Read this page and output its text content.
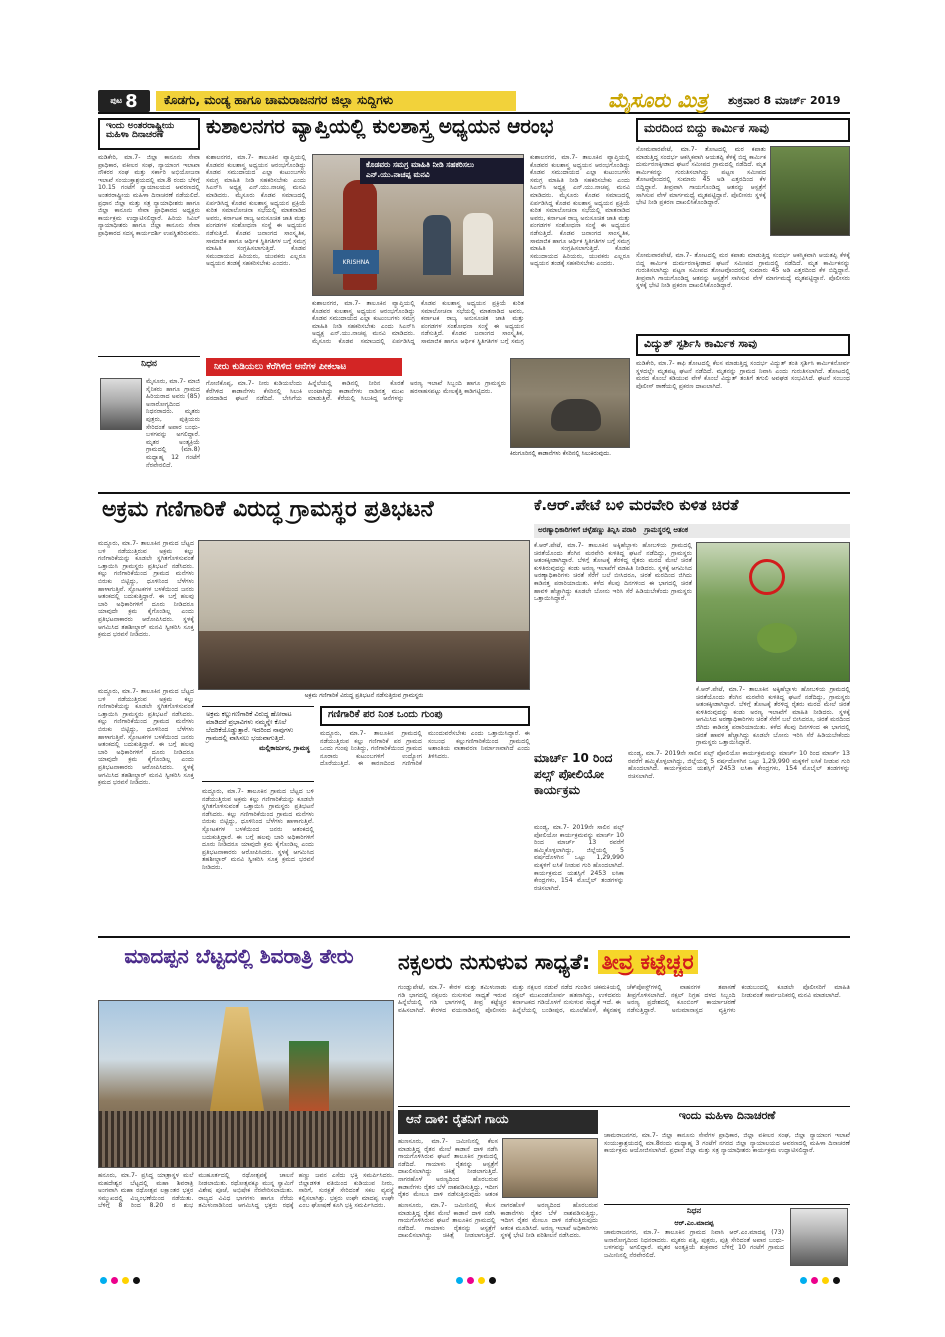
ಪುಟ 8	ಕೊಡಗು, ಮಂಡ್ಯ ಹಾಗೂ ಚಾಮರಾಜನಗರ ಜಿಲ್ಲಾ ಸುದ್ದಿಗಳು	ಮೈಸೂರು ಮಿತ್ರ ಶುಕ್ರವಾರ 8 ಮಾರ್ಚ್ 2019
ಇಂದು ಅಂತರರಾಷ್ಟ್ರೀಯ ಮಹಿಳಾ ದಿನಾಚರಣೆ
ಮಡಿಕೇರಿ, ಮಾ.7- ಜಿಲ್ಲಾ ಕಾನೂನು ಸೇವಾ ಪ್ರಾಧಿಕಾರ, ವಕೀಲರ ಸಂಘ, ನ್ಯಾಯಾಂಗ ಇಲಾಖಾ ನೌಕರರ ಸಂಘ ಮತ್ತು ಸರ್ಕಾರಿ ಅಭಿಯೋಜನಾ ಇಲಾಖೆ ಸಂಯುಕ್ತಾಶ್ರಯದಲ್ಲಿ ಮಾ.8 ರಂದು ಬೆಳಿಗ್ಗೆ 10.15 ಗಂಟೆಗೆ ನ್ಯಾಯಾಲಯದ ಆವರಣದಲ್ಲಿ ಅಂತರರಾಷ್ಟ್ರೀಯ ಮಹಿಳಾ ದಿನಾಚರಣೆ ನಡೆಯಲಿದೆ. ಪ್ರಧಾನ ಜಿಲ್ಲಾ ಮತ್ತು ಸತ್ರ ನ್ಯಾಯಾಧೀಶರು ಹಾಗೂ ಜಿಲ್ಲಾ ಕಾನೂನು ಸೇವಾ ಪ್ರಾಧಿಕಾರದ ಅಧ್ಯಕ್ಷರು ಕಾರ್ಯಕ್ರಮ ಉದ್ಘಾಟಿಸಲಿದ್ದಾರೆ. ಹಿರಿಯ ಸಿವಿಲ್ ನ್ಯಾಯಾಧೀಶರು ಹಾಗೂ ಜಿಲ್ಲಾ ಕಾನೂನು ಸೇವಾ ಪ್ರಾಧಿಕಾರದ ಸದಸ್ಯ ಕಾರ್ಯದರ್ಶಿ ಉಪಸ್ಥಿತರಿರುವರು.
ಕುಶಾಲನಗರ ವ್ಯಾಪ್ತಿಯಲ್ಲಿ ಕುಲಶಾಸ್ತ್ರ ಅಧ್ಯಯನ ಆರಂಭ
ಕುಶಾಲನಗರ, ಮಾ.7- ತಾಲೂಕಿನ ವ್ಯಾಪ್ತಿಯಲ್ಲಿ ಕೊಡವರ ಕುಲಶಾಸ್ತ್ರ ಅಧ್ಯಯನ ಆರಂಭಗೊಂಡಿದ್ದು ಕೊಡವ ಸಮುದಾಯದ ಎಲ್ಲಾ ಕುಟುಂಬಗಳು ಸಮಗ್ರ ಮಾಹಿತಿ ನೀಡಿ ಸಹಕರಿಸಬೇಕು ಎಂದು ಸಿಎನ್‌ಸಿ ಅಧ್ಯಕ್ಷ ಎನ್.ಯು.ನಾಚಪ್ಪ ಮನವಿ ಮಾಡಿದರು. ಮೈಸೂರು ಕೊಡವ ಸಮಾಜದಲ್ಲಿ ಏರ್ಪಡಿಸಿದ್ದ ಕೊಡವ ಕುಲಶಾಸ್ತ್ರ ಅಧ್ಯಯನ ಪ್ರಕ್ರಿಯೆ ಕುರಿತ ಸಮಾಲೋಚನಾ ಸಭೆಯಲ್ಲಿ ಮಾತನಾಡಿದ ಅವರು, ಕರ್ನಾಟಕ ರಾಜ್ಯ ಅನುಸೂಚಿತ ಜಾತಿ ಮತ್ತು ಪಂಗಡಗಳ ಸಂಶೋಧನಾ ಸಂಸ್ಥೆ ಈ ಅಧ್ಯಯನ ನಡೆಸುತ್ತಿದೆ. ಕೊಡವ ಜನಾಂಗದ ಸಾಂಸ್ಕೃತಿಕ, ಸಾಮಾಜಿಕ ಹಾಗೂ ಆರ್ಥಿಕ ಸ್ಥಿತಿಗತಿಗಳ ಬಗ್ಗೆ ಸಮಗ್ರ ಮಾಹಿತಿ ಸಂಗ್ರಹಿಸಲಾಗುತ್ತಿದೆ. ಕೊಡವ ಸಮುದಾಯದ ಹಿರಿಯರು, ಯುವಕರು ಎಲ್ಲರೂ ಅಧ್ಯಯನ ತಂಡಕ್ಕೆ ಸಹಕರಿಸಬೇಕು ಎಂದರು.	KRISHNA
ಕೊಡವರು ಸಮಗ್ರ ಮಾಹಿತಿ ನೀಡಿ ಸಹಕರಿಸಲು ಎನ್.ಯು.ನಾಚಪ್ಪ ಮನವಿ
ಕುಶಾಲನಗರ, ಮಾ.7- ತಾಲೂಕಿನ ವ್ಯಾಪ್ತಿಯಲ್ಲಿ ಕೊಡವರ ಕುಲಶಾಸ್ತ್ರ ಅಧ್ಯಯನ ಆರಂಭಗೊಂಡಿದ್ದು ಕೊಡವ ಸಮುದಾಯದ ಎಲ್ಲಾ ಕುಟುಂಬಗಳು ಸಮಗ್ರ ಮಾಹಿತಿ ನೀಡಿ ಸಹಕರಿಸಬೇಕು ಎಂದು ಸಿಎನ್‌ಸಿ ಅಧ್ಯಕ್ಷ ಎನ್.ಯು.ನಾಚಪ್ಪ ಮನವಿ ಮಾಡಿದರು. ಮೈಸೂರು ಕೊಡವ ಸಮಾಜದಲ್ಲಿ ಏರ್ಪಡಿಸಿದ್ದ ಕೊಡವ ಕುಲಶಾಸ್ತ್ರ ಅಧ್ಯಯನ ಪ್ರಕ್ರಿಯೆ ಕುರಿತ ಸಮಾಲೋಚನಾ ಸಭೆಯಲ್ಲಿ ಮಾತನಾಡಿದ ಅವರು, ಕರ್ನಾಟಕ ರಾಜ್ಯ ಅನುಸೂಚಿತ ಜಾತಿ ಮತ್ತು ಪಂಗಡಗಳ ಸಂಶೋಧನಾ ಸಂಸ್ಥೆ ಈ ಅಧ್ಯಯನ ನಡೆಸುತ್ತಿದೆ. ಕೊಡವ ಜನಾಂಗದ ಸಾಂಸ್ಕೃತಿಕ, ಸಾಮಾಜಿಕ ಹಾಗೂ ಆರ್ಥಿಕ ಸ್ಥಿತಿಗತಿಗಳ ಬಗ್ಗೆ ಸಮಗ್ರ
ಕುಶಾಲನಗರ, ಮಾ.7- ತಾಲೂಕಿನ ವ್ಯಾಪ್ತಿಯಲ್ಲಿ ಕೊಡವರ ಕುಲಶಾಸ್ತ್ರ ಅಧ್ಯಯನ ಆರಂಭಗೊಂಡಿದ್ದು ಕೊಡವ ಸಮುದಾಯದ ಎಲ್ಲಾ ಕುಟುಂಬಗಳು ಸಮಗ್ರ ಮಾಹಿತಿ ನೀಡಿ ಸಹಕರಿಸಬೇಕು ಎಂದು ಸಿಎನ್‌ಸಿ ಅಧ್ಯಕ್ಷ ಎನ್.ಯು.ನಾಚಪ್ಪ ಮನವಿ ಮಾಡಿದರು. ಮೈಸೂರು ಕೊಡವ ಸಮಾಜದಲ್ಲಿ ಏರ್ಪಡಿಸಿದ್ದ ಕೊಡವ ಕುಲಶಾಸ್ತ್ರ ಅಧ್ಯಯನ ಪ್ರಕ್ರಿಯೆ ಕುರಿತ ಸಮಾಲೋಚನಾ ಸಭೆಯಲ್ಲಿ ಮಾತನಾಡಿದ ಅವರು, ಕರ್ನಾಟಕ ರಾಜ್ಯ ಅನುಸೂಚಿತ ಜಾತಿ ಮತ್ತು ಪಂಗಡಗಳ ಸಂಶೋಧನಾ ಸಂಸ್ಥೆ ಈ ಅಧ್ಯಯನ ನಡೆಸುತ್ತಿದೆ. ಕೊಡವ ಜನಾಂಗದ ಸಾಂಸ್ಕೃತಿಕ, ಸಾಮಾಜಿಕ ಹಾಗೂ ಆರ್ಥಿಕ ಸ್ಥಿತಿಗತಿಗಳ ಬಗ್ಗೆ ಸಮಗ್ರ ಮಾಹಿತಿ ಸಂಗ್ರಹಿಸಲಾಗುತ್ತಿದೆ. ಕೊಡವ ಸಮುದಾಯದ ಹಿರಿಯರು, ಯುವಕರು ಎಲ್ಲರೂ ಅಧ್ಯಯನ ತಂಡಕ್ಕೆ ಸಹಕರಿಸಬೇಕು ಎಂದರು.
ಮರದಿಂದ ಬಿದ್ದು ಕಾರ್ಮಿಕ ಸಾವು
ಸೋಮವಾರಪೇಟೆ, ಮಾ.7- ತೋಟದಲ್ಲಿ ಮರ ಕಪಾತು ಮಾಡುತ್ತಿದ್ದ ಸಂದರ್ಭ ಆಕಸ್ಮಿಕವಾಗಿ ಆಯತಪ್ಪಿ ಕೆಳಕ್ಕೆ ಬಿದ್ದ ಕಾರ್ಮಿಕ ದುರ್ಮರಣಕ್ಕೀಡಾದ ಘಟನೆ ಸಮೀಪದ ಗ್ರಾಮದಲ್ಲಿ ನಡೆದಿದೆ. ಮೃತ ಕಾರ್ಮಿಕನನ್ನು ಗುರುತಿಸಲಾಗಿದ್ದು ಪಟ್ಟಣ ಸಮೀಪದ ತೋಟವೊಂದರಲ್ಲಿ ಸುಮಾರು 45 ಅಡಿ ಎತ್ತರದಿಂದ ಕೆಳ ಬಿದ್ದಿದ್ದಾನೆ. ತೀವ್ರವಾಗಿ ಗಾಯಗೊಂಡಿದ್ದ ಆತನನ್ನು ಆಸ್ಪತ್ರೆಗೆ ಸಾಗಿಸುವ ವೇಳೆ ಮಾರ್ಗಮಧ್ಯೆ ಮೃತಪಟ್ಟಿದ್ದಾನೆ. ಪೊಲೀಸರು ಸ್ಥಳಕ್ಕೆ ಭೇಟಿ ನೀಡಿ ಪ್ರಕರಣ ದಾಖಲಿಸಿಕೊಂಡಿದ್ದಾರೆ.
ಸೋಮವಾರಪೇಟೆ, ಮಾ.7- ತೋಟದಲ್ಲಿ ಮರ ಕಪಾತು ಮಾಡುತ್ತಿದ್ದ ಸಂದರ್ಭ ಆಕಸ್ಮಿಕವಾಗಿ ಆಯತಪ್ಪಿ ಕೆಳಕ್ಕೆ ಬಿದ್ದ ಕಾರ್ಮಿಕ ದುರ್ಮರಣಕ್ಕೀಡಾದ ಘಟನೆ ಸಮೀಪದ ಗ್ರಾಮದಲ್ಲಿ ನಡೆದಿದೆ. ಮೃತ ಕಾರ್ಮಿಕನನ್ನು ಗುರುತಿಸಲಾಗಿದ್ದು ಪಟ್ಟಣ ಸಮೀಪದ ತೋಟವೊಂದರಲ್ಲಿ ಸುಮಾರು 45 ಅಡಿ ಎತ್ತರದಿಂದ ಕೆಳ ಬಿದ್ದಿದ್ದಾನೆ. ತೀವ್ರವಾಗಿ ಗಾಯಗೊಂಡಿದ್ದ ಆತನನ್ನು ಆಸ್ಪತ್ರೆಗೆ ಸಾಗಿಸುವ ವೇಳೆ ಮಾರ್ಗಮಧ್ಯೆ ಮೃತಪಟ್ಟಿದ್ದಾನೆ. ಪೊಲೀಸರು ಸ್ಥಳಕ್ಕೆ ಭೇಟಿ ನೀಡಿ ಪ್ರಕರಣ ದಾಖಲಿಸಿಕೊಂಡಿದ್ದಾರೆ.
ವಿದ್ಯುತ್ ಸ್ಪರ್ಶಿಸಿ ಕಾರ್ಮಿಕ ಸಾವು
ಮಡಿಕೇರಿ, ಮಾ.7- ಕಾಫಿ ತೋಟದಲ್ಲಿ ಕೆಲಸ ಮಾಡುತ್ತಿದ್ದ ಸಂದರ್ಭ ವಿದ್ಯುತ್ ತಂತಿ ಸ್ಪರ್ಶಿಸಿ ಕಾರ್ಮಿಕನೋರ್ವ ಸ್ಥಳದಲ್ಲೇ ಮೃತಪಟ್ಟ ಘಟನೆ ನಡೆದಿದೆ. ಮೃತನನ್ನು ಗ್ರಾಮದ ನಿವಾಸಿ ಎಂದು ಗುರುತಿಸಲಾಗಿದೆ. ತೋಟದಲ್ಲಿ ಮರದ ಕೊಂಬೆ ಕಡಿಯುವ ವೇಳೆ ಕೊಂಬೆ ವಿದ್ಯುತ್ ತಂತಿಗೆ ತಗುಲಿ ಅವಘಡ ಸಂಭವಿಸಿದೆ. ಘಟನೆ ಸಂಬಂಧ ಪೊಲೀಸ್ ಠಾಣೆಯಲ್ಲಿ ಪ್ರಕರಣ ದಾಖಲಾಗಿದೆ.
ನಿಧನ
ಮೈಸೂರು, ಮಾ.7- ಮಾಜಿ ಸೈನಿಕರು ಹಾಗೂ ಗ್ರಾಮದ ಹಿರಿಯರಾದ ಅವರು (85) ಅನಾರೋಗ್ಯದಿಂದ ನಿಧನರಾದರು. ಮೃತರು ಪುತ್ರರು, ಪುತ್ರಿಯರು ಸೇರಿದಂತೆ ಅಪಾರ ಬಂಧು-ಬಳಗವನ್ನು ಅಗಲಿದ್ದಾರೆ. ಮೃತರ ಅಂತ್ಯಕ್ರಿಯೆ ಗ್ರಾಮದಲ್ಲಿ (ಮಾ.8) ಮಧ್ಯಾಹ್ನ 12 ಗಂಟೆಗೆ ನೆರವೇರಲಿದೆ.
ನೀರು ಕುಡಿಯಲು ಕೆರೆಗಿಳಿದ ಆನೆಗಳ ಪೀಕಲಾಟ
ಗೋಣಿಕೊಪ್ಪ, ಮಾ.7- ನೀರು ಕುಡಿಯಲೆಂದು ಕೆರೆಗಿಳಿದ ಕಾಡಾನೆಗಳು ಕೆಸರಿನಲ್ಲಿ ಸಿಲುಕಿ ಪರದಾಡಿದ ಘಟನೆ ನಡೆದಿದೆ. ಬೇಸಿಗೆಯ ಹಿನ್ನೆಲೆಯಲ್ಲಿ ಕಾಡಿನಲ್ಲಿ ನೀರಿನ ಕೊರತೆ ಉಂಟಾಗಿದ್ದು ಕಾಡಾನೆಗಳು ನಾಡಿನತ್ತ ಮುಖ ಮಾಡುತ್ತಿವೆ. ಕೆರೆಯಲ್ಲಿ ಸಿಲುಕಿದ್ದ ಆನೆಗಳನ್ನು ಅರಣ್ಯ ಇಲಾಖೆ ಸಿಬ್ಬಂದಿ ಹಾಗೂ ಗ್ರಾಮಸ್ಥರು ಹರಸಾಹಸಪಟ್ಟು ಮೇಲಕ್ಕೆತ್ತಿ ಕಾಡಿಗಟ್ಟಿದರು.
ಕಿರುಗೂರಿನಲ್ಲಿ ಕಾಡಾನೆಗಳು ಕೆಸರಿನಲ್ಲಿ ಸಿಲುಕಿರುವುದು.
ಅಕ್ರಮ ಗಣಿಗಾರಿಕೆ ವಿರುದ್ಧ ಗ್ರಾಮಸ್ಥರ ಪ್ರತಿಭಟನೆ
ಮದ್ದೂರು, ಮಾ.7- ತಾಲೂಕಿನ ಗ್ರಾಮದ ಬೆಟ್ಟದ ಬಳಿ ನಡೆಯುತ್ತಿರುವ ಅಕ್ರಮ ಕಲ್ಲು ಗಣಿಗಾರಿಕೆಯನ್ನು ಕೂಡಲೇ ಸ್ಥಗಿತಗೊಳಿಸುವಂತೆ ಒತ್ತಾಯಿಸಿ ಗ್ರಾಮಸ್ಥರು ಪ್ರತಿಭಟನೆ ನಡೆಸಿದರು. ಕಲ್ಲು ಗಣಿಗಾರಿಕೆಯಿಂದ ಗ್ರಾಮದ ಮನೆಗಳು ಬಿರುಕು ಬಿಟ್ಟಿದ್ದು, ಧೂಳಿನಿಂದ ಬೆಳೆಗಳು ಹಾಳಾಗುತ್ತಿವೆ. ಸ್ಫೋಟಕಗಳ ಬಳಕೆಯಿಂದ ಜನರು ಆತಂಕದಲ್ಲಿ ಬದುಕುತ್ತಿದ್ದಾರೆ. ಈ ಬಗ್ಗೆ ಹಲವು ಬಾರಿ ಅಧಿಕಾರಿಗಳಿಗೆ ದೂರು ನೀಡಿದರೂ ಯಾವುದೇ ಕ್ರಮ ಕೈಗೊಂಡಿಲ್ಲ ಎಂದು ಪ್ರತಿಭಟನಾಕಾರರು ಆರೋಪಿಸಿದರು. ಸ್ಥಳಕ್ಕೆ ಆಗಮಿಸಿದ ತಹಶೀಲ್ದಾರ್ ಮನವಿ ಸ್ವೀಕರಿಸಿ ಸೂಕ್ತ ಕ್ರಮದ ಭರವಸೆ ನೀಡಿದರು.
ಅಕ್ರಮ ಗಣಿಗಾರಿಕೆ ವಿರುದ್ಧ ಪ್ರತಿಭಟನೆ ನಡೆಸುತ್ತಿರುವ ಗ್ರಾಮಸ್ಥರು
ಮದ್ದೂರು, ಮಾ.7- ತಾಲೂಕಿನ ಗ್ರಾಮದ ಬೆಟ್ಟದ ಬಳಿ ನಡೆಯುತ್ತಿರುವ ಅಕ್ರಮ ಕಲ್ಲು ಗಣಿಗಾರಿಕೆಯನ್ನು ಕೂಡಲೇ ಸ್ಥಗಿತಗೊಳಿಸುವಂತೆ ಒತ್ತಾಯಿಸಿ ಗ್ರಾಮಸ್ಥರು ಪ್ರತಿಭಟನೆ ನಡೆಸಿದರು. ಕಲ್ಲು ಗಣಿಗಾರಿಕೆಯಿಂದ ಗ್ರಾಮದ ಮನೆಗಳು ಬಿರುಕು ಬಿಟ್ಟಿದ್ದು, ಧೂಳಿನಿಂದ ಬೆಳೆಗಳು ಹಾಳಾಗುತ್ತಿವೆ. ಸ್ಫೋಟಕಗಳ ಬಳಕೆಯಿಂದ ಜನರು ಆತಂಕದಲ್ಲಿ ಬದುಕುತ್ತಿದ್ದಾರೆ. ಈ ಬಗ್ಗೆ ಹಲವು ಬಾರಿ ಅಧಿಕಾರಿಗಳಿಗೆ ದೂರು ನೀಡಿದರೂ ಯಾವುದೇ ಕ್ರಮ ಕೈಗೊಂಡಿಲ್ಲ ಎಂದು ಪ್ರತಿಭಟನಾಕಾರರು ಆರೋಪಿಸಿದರು. ಸ್ಥಳಕ್ಕೆ ಆಗಮಿಸಿದ ತಹಶೀಲ್ದಾರ್ ಮನವಿ ಸ್ವೀಕರಿಸಿ ಸೂಕ್ತ ಕ್ರಮದ ಭರವಸೆ ನೀಡಿದರು.
ಅಕ್ರಮ ಕಲ್ಲುಗಣಿಗಾರಿಕೆ ವಿರುದ್ಧ ಹೋರಾಟ ಮಾಡಿದರೆ ಪ್ರಭಾವಿಗಳು ನಮ್ಮನ್ನೇ ಕೊಲೆ ಬೆದರಿಕೆಯೊಡ್ಡುತ್ತಾರೆ. ಇದರಿಂದ ನಾವುಗಳು ಗ್ರಾಮದಲ್ಲಿ ವಾಸಿಸಲು ಭಯವಾಗುತ್ತಿದೆ.
ಮಲ್ಲಿಕಾರ್ಜುನ, ಗ್ರಾಮಸ್ಥ
ಮದ್ದೂರು, ಮಾ.7- ತಾಲೂಕಿನ ಗ್ರಾಮದ ಬೆಟ್ಟದ ಬಳಿ ನಡೆಯುತ್ತಿರುವ ಅಕ್ರಮ ಕಲ್ಲು ಗಣಿಗಾರಿಕೆಯನ್ನು ಕೂಡಲೇ ಸ್ಥಗಿತಗೊಳಿಸುವಂತೆ ಒತ್ತಾಯಿಸಿ ಗ್ರಾಮಸ್ಥರು ಪ್ರತಿಭಟನೆ ನಡೆಸಿದರು. ಕಲ್ಲು ಗಣಿಗಾರಿಕೆಯಿಂದ ಗ್ರಾಮದ ಮನೆಗಳು ಬಿರುಕು ಬಿಟ್ಟಿದ್ದು, ಧೂಳಿನಿಂದ ಬೆಳೆಗಳು ಹಾಳಾಗುತ್ತಿವೆ. ಸ್ಫೋಟಕಗಳ ಬಳಕೆಯಿಂದ ಜನರು ಆತಂಕದಲ್ಲಿ ಬದುಕುತ್ತಿದ್ದಾರೆ. ಈ ಬಗ್ಗೆ ಹಲವು ಬಾರಿ ಅಧಿಕಾರಿಗಳಿಗೆ ದೂರು ನೀಡಿದರೂ ಯಾವುದೇ ಕ್ರಮ ಕೈಗೊಂಡಿಲ್ಲ ಎಂದು ಪ್ರತಿಭಟನಾಕಾರರು ಆರೋಪಿಸಿದರು. ಸ್ಥಳಕ್ಕೆ ಆಗಮಿಸಿದ ತಹಶೀಲ್ದಾರ್ ಮನವಿ ಸ್ವೀಕರಿಸಿ ಸೂಕ್ತ ಕ್ರಮದ ಭರವಸೆ ನೀಡಿದರು.
ಗಣಿಗಾರಿಕೆ ಪರ ನಿಂತ ಒಂದು ಗುಂಪು
ಮದ್ದೂರು, ಮಾ.7- ತಾಲೂಕಿನ ಗ್ರಾಮದಲ್ಲಿ ನಡೆಯುತ್ತಿರುವ ಕಲ್ಲು ಗಣಿಗಾರಿಕೆ ಪರ ಗ್ರಾಮದ ಒಂದು ಗುಂಪು ನಿಂತಿದ್ದು, ಗಣಿಗಾರಿಕೆಯಿಂದ ಗ್ರಾಮದ ನೂರಾರು ಕುಟುಂಬಗಳಿಗೆ ಉದ್ಯೋಗ ದೊರೆಯುತ್ತಿದೆ. ಈ ಕಾರಣದಿಂದ ಗಣಿಗಾರಿಕೆ ಮುಂದುವರೆಸಬೇಕು ಎಂದು ಒತ್ತಾಯಿಸಿದ್ದಾರೆ. ಈ ಸಂಬಂಧ ಕಲ್ಲುಗಣಿಗಾರಿಕೆಯಿಂದ ಗ್ರಾಮದಲ್ಲಿ ಅಶಾಂತಿಯ ವಾತಾವರಣ ನಿರ್ಮಾಣವಾಗಿದೆ ಎಂದು ತಿಳಿಸಿದರು.
ಕೆ.ಆರ್.ಪೇಟೆ ಬಳಿ ಮರವೇರಿ ಕುಳಿತ ಚಿರತೆ
ಅರಣ್ಯಾಧಿಕಾರಿಗಳಿಗೆ ಚಳ್ಳೆಹಣ್ಣು ತಿನ್ನಿಸಿ ಪರಾರಿ ಗ್ರಾಮಸ್ಥರಲ್ಲಿ ಆತಂಕ
ಕೆ.ಆರ್.ಪೇಟೆ, ಮಾ.7- ತಾಲೂಕಿನ ಅಕ್ಕಿಹೆಬ್ಬಾಳು ಹೋಬಳಿಯ ಗ್ರಾಮದಲ್ಲಿ ಚಿರತೆಯೊಂದು ತೆಂಗಿನ ಮರವೇರಿ ಕುಳಿತಿದ್ದ ಘಟನೆ ನಡೆದಿದ್ದು, ಗ್ರಾಮಸ್ಥರು ಆತಂಕಕ್ಕೀಡಾಗಿದ್ದಾರೆ. ಬೆಳಿಗ್ಗೆ ತೋಟಕ್ಕೆ ತೆರಳಿದ್ದ ರೈತರು ಮರದ ಮೇಲೆ ಚಿರತೆ ಕುಳಿತಿರುವುದನ್ನು ಕಂಡು ಅರಣ್ಯ ಇಲಾಖೆಗೆ ಮಾಹಿತಿ ನೀಡಿದರು. ಸ್ಥಳಕ್ಕೆ ಆಗಮಿಸಿದ ಅರಣ್ಯಾಧಿಕಾರಿಗಳು ಚಿರತೆ ಸೆರೆಗೆ ಬಲೆ ಬೀಸಿದರೂ, ಚಿರತೆ ಮರದಿಂದ ಜಿಗಿದು ಕಾಡಿನತ್ತ ಪರಾರಿಯಾಯಿತು. ಕಳೆದ ಕೆಲವು ದಿನಗಳಿಂದ ಈ ಭಾಗದಲ್ಲಿ ಚಿರತೆ ಹಾವಳಿ ಹೆಚ್ಚಾಗಿದ್ದು ಕೂಡಲೇ ಬೋನು ಇರಿಸಿ ಸೆರೆ ಹಿಡಿಯಬೇಕೆಂದು ಗ್ರಾಮಸ್ಥರು ಒತ್ತಾಯಿಸಿದ್ದಾರೆ.
ಕೆ.ಆರ್.ಪೇಟೆ, ಮಾ.7- ತಾಲೂಕಿನ ಅಕ್ಕಿಹೆಬ್ಬಾಳು ಹೋಬಳಿಯ ಗ್ರಾಮದಲ್ಲಿ ಚಿರತೆಯೊಂದು ತೆಂಗಿನ ಮರವೇರಿ ಕುಳಿತಿದ್ದ ಘಟನೆ ನಡೆದಿದ್ದು, ಗ್ರಾಮಸ್ಥರು ಆತಂಕಕ್ಕೀಡಾಗಿದ್ದಾರೆ. ಬೆಳಿಗ್ಗೆ ತೋಟಕ್ಕೆ ತೆರಳಿದ್ದ ರೈತರು ಮರದ ಮೇಲೆ ಚಿರತೆ ಕುಳಿತಿರುವುದನ್ನು ಕಂಡು ಅರಣ್ಯ ಇಲಾಖೆಗೆ ಮಾಹಿತಿ ನೀಡಿದರು. ಸ್ಥಳಕ್ಕೆ ಆಗಮಿಸಿದ ಅರಣ್ಯಾಧಿಕಾರಿಗಳು ಚಿರತೆ ಸೆರೆಗೆ ಬಲೆ ಬೀಸಿದರೂ, ಚಿರತೆ ಮರದಿಂದ ಜಿಗಿದು ಕಾಡಿನತ್ತ ಪರಾರಿಯಾಯಿತು. ಕಳೆದ ಕೆಲವು ದಿನಗಳಿಂದ ಈ ಭಾಗದಲ್ಲಿ ಚಿರತೆ ಹಾವಳಿ ಹೆಚ್ಚಾಗಿದ್ದು ಕೂಡಲೇ ಬೋನು ಇರಿಸಿ ಸೆರೆ ಹಿಡಿಯಬೇಕೆಂದು ಗ್ರಾಮಸ್ಥರು ಒತ್ತಾಯಿಸಿದ್ದಾರೆ.
ಮಾರ್ಚ್ 10 ರಿಂದ ಪಲ್ಸ್ ಪೋಲಿಯೋ ಕಾರ್ಯಕ್ರಮ
ಮಂಡ್ಯ, ಮಾ.7- 2019ನೇ ಸಾಲಿನ ಪಲ್ಸ್ ಪೋಲಿಯೋ ಕಾರ್ಯಕ್ರಮವನ್ನು ಮಾರ್ಚ್ 10 ರಿಂದ ಮಾರ್ಚ್ 13 ರವರೆಗೆ ಹಮ್ಮಿಕೊಳ್ಳಲಾಗಿದ್ದು, ಜಿಲ್ಲೆಯಲ್ಲಿ 5 ವರ್ಷದೊಳಗಿನ ಒಟ್ಟು 1,29,990 ಮಕ್ಕಳಿಗೆ ಲಸಿಕೆ ನೀಡುವ ಗುರಿ ಹೊಂದಲಾಗಿದೆ. ಕಾರ್ಯಕ್ರಮದ ಯಶಸ್ಸಿಗೆ 2453 ಲಸಿಕಾ ಕೇಂದ್ರಗಳು, 154 ಮೊಬೈಲ್ ತಂಡಗಳನ್ನು ರಚಿಸಲಾಗಿದೆ.
ಮಂಡ್ಯ, ಮಾ.7- 2019ನೇ ಸಾಲಿನ ಪಲ್ಸ್ ಪೋಲಿಯೋ ಕಾರ್ಯಕ್ರಮವನ್ನು ಮಾರ್ಚ್ 10 ರಿಂದ ಮಾರ್ಚ್ 13 ರವರೆಗೆ ಹಮ್ಮಿಕೊಳ್ಳಲಾಗಿದ್ದು, ಜಿಲ್ಲೆಯಲ್ಲಿ 5 ವರ್ಷದೊಳಗಿನ ಒಟ್ಟು 1,29,990 ಮಕ್ಕಳಿಗೆ ಲಸಿಕೆ ನೀಡುವ ಗುರಿ ಹೊಂದಲಾಗಿದೆ. ಕಾರ್ಯಕ್ರಮದ ಯಶಸ್ಸಿಗೆ 2453 ಲಸಿಕಾ ಕೇಂದ್ರಗಳು, 154 ಮೊಬೈಲ್ ತಂಡಗಳನ್ನು ರಚಿಸಲಾಗಿದೆ.
ಮಾದಪ್ಪನ ಬೆಟ್ಟದಲ್ಲಿ ಶಿವರಾತ್ರಿ ತೇರು
ಹನೂರು, ಮಾ.7- ಪ್ರಸಿದ್ಧ ಯಾತ್ರಾಸ್ಥಳ ಮಲೆ ಮಹದೇಶ್ವರ ಬೆಟ್ಟದಲ್ಲಿ ಮಹಾ ಶಿವರಾತ್ರಿ ಅಂಗವಾಗಿ ಮಹಾ ರಥೋತ್ಸವ ಲಕ್ಷಾಂತರ ಭಕ್ತರ ಸಮ್ಮುಖದಲ್ಲಿ ವಿಜೃಂಭಣೆಯಿಂದ ನಡೆಯಿತು. ಬೆಳಿಗ್ಗೆ 8 ರಿಂದ 8.20 ರ ಶುಭ ಮುಹೂರ್ತದಲ್ಲಿ ರಥೋತ್ಸವಕ್ಕೆ ಚಾಲನೆ ನೀಡಲಾಯಿತು. ರಥೋತ್ಸವಕ್ಕೂ ಮುನ್ನ ಸ್ವಾಮಿಗೆ ವಿಶೇಷ ಪೂಜೆ, ಅಭಿಷೇಕ ನೆರವೇರಿಸಲಾಯಿತು. ರಾಜ್ಯದ ವಿವಿಧ ಭಾಗಗಳು ಹಾಗೂ ನೆರೆಯ ತಮಿಳುನಾಡಿನಿಂದ ಆಗಮಿಸಿದ್ದ ಭಕ್ತರು ರಥಕ್ಕೆ ಹಣ್ಣು ಜವನ ಎಸೆದು ಭಕ್ತಿ ಸಮರ್ಪಿಸಿದರು. ಜಿಲ್ಲಾಡಳಿತ ವತಿಯಿಂದ ಕುಡಿಯುವ ನೀರು, ಸಾರಿಗೆ, ಸುರಕ್ಷತೆ ಸೇರಿದಂತೆ ಸಕಲ ವ್ಯವಸ್ಥೆ ಕಲ್ಪಿಸಲಾಗಿತ್ತು. ಭಕ್ತರು ಉಘೇ ಮಾದಪ್ಪ ಉಘೇ ಎಂಬ ಘೋಷಣೆ ಕೂಗಿ ಭಕ್ತಿ ಸಮರ್ಪಿಸಿದರು.
ನಕ್ಸಲರು ನುಸುಳುವ ಸಾಧ್ಯತೆ: ತೀವ್ರ ಕಟ್ಟೆಚ್ಚರ
ಗುಂಡ್ಲುಪೇಟೆ, ಮಾ.7- ಕೇರಳ ಮತ್ತು ತಮಿಳುನಾಡು ಗಡಿ ಭಾಗದಲ್ಲಿ ನಕ್ಸಲರು ನುಸುಳುವ ಸಾಧ್ಯತೆ ಇರುವ ಹಿನ್ನೆಲೆಯಲ್ಲಿ ಗಡಿ ಭಾಗಗಳಲ್ಲಿ ತೀವ್ರ ಕಟ್ಟೆಚ್ಚರ ವಹಿಸಲಾಗಿದೆ. ಕೇರಳದ ವಯನಾಡಿನಲ್ಲಿ ಪೊಲೀಸರು ಮತ್ತು ನಕ್ಸಲರ ನಡುವೆ ನಡೆದ ಗುಂಡಿನ ಚಕಮಕಿಯಲ್ಲಿ ನಕ್ಸಲ್ ಮುಖಂಡನೋರ್ವ ಹತನಾಗಿದ್ದು, ಉಳಿದವರು ಕರ್ನಾಟಕದ ಗಡಿಯೊಳಗೆ ನುಸುಳುವ ಸಾಧ್ಯತೆ ಇದೆ. ಈ ಹಿನ್ನೆಲೆಯಲ್ಲಿ ಬಂಡೀಪುರ, ಮೂಲೆಹೊಳೆ, ಕೆಕ್ಕನಹಳ್ಳ ಚೆಕ್‌ಪೋಸ್ಟ್‌ಗಳಲ್ಲಿ ವಾಹನಗಳ ತಪಾಸಣೆ ತೀವ್ರಗೊಳಿಸಲಾಗಿದೆ. ನಕ್ಸಲ್ ನಿಗ್ರಹ ದಳದ ಸಿಬ್ಬಂದಿ ಅರಣ್ಯ ಪ್ರದೇಶದಲ್ಲಿ ಕೂಂಬಿಂಗ್ ಕಾರ್ಯಾಚರಣೆ ನಡೆಸುತ್ತಿದ್ದಾರೆ. ಅನುಮಾನಾಸ್ಪದ ವ್ಯಕ್ತಿಗಳು ಕಂಡುಬಂದಲ್ಲಿ ಕೂಡಲೇ ಪೊಲೀಸರಿಗೆ ಮಾಹಿತಿ ನೀಡುವಂತೆ ಸಾರ್ವಜನಿಕರಲ್ಲಿ ಮನವಿ ಮಾಡಲಾಗಿದೆ.
ಆನೆ ದಾಳಿ: ರೈತನಿಗೆ ಗಾಯ
ಹುಣಸೂರು, ಮಾ.7- ಜಮೀನಿನಲ್ಲಿ ಕೆಲಸ ಮಾಡುತ್ತಿದ್ದ ರೈತನ ಮೇಲೆ ಕಾಡಾನೆ ದಾಳಿ ನಡೆಸಿ ಗಾಯಗೊಳಿಸಿರುವ ಘಟನೆ ತಾಲೂಕಿನ ಗ್ರಾಮದಲ್ಲಿ ನಡೆದಿದೆ. ಗಾಯಾಳು ರೈತನನ್ನು ಆಸ್ಪತ್ರೆಗೆ ದಾಖಲಿಸಲಾಗಿದ್ದು ಚಿಕಿತ್ಸೆ ನೀಡಲಾಗುತ್ತಿದೆ. ನಾಗರಹೊಳೆ ಅರಣ್ಯದಿಂದ ಹೊರಬರುವ ಕಾಡಾನೆಗಳು ರೈತರ ಬೆಳೆ ನಾಶಪಡಿಸುತ್ತಿದ್ದು, ಇದೀಗ ರೈತರ ಮೇಲೂ ದಾಳಿ ನಡೆಸುತ್ತಿರುವುದು ಆತಂಕ
ಹುಣಸೂರು, ಮಾ.7- ಜಮೀನಿನಲ್ಲಿ ಕೆಲಸ ಮಾಡುತ್ತಿದ್ದ ರೈತನ ಮೇಲೆ ಕಾಡಾನೆ ದಾಳಿ ನಡೆಸಿ ಗಾಯಗೊಳಿಸಿರುವ ಘಟನೆ ತಾಲೂಕಿನ ಗ್ರಾಮದಲ್ಲಿ ನಡೆದಿದೆ. ಗಾಯಾಳು ರೈತನನ್ನು ಆಸ್ಪತ್ರೆಗೆ ದಾಖಲಿಸಲಾಗಿದ್ದು ಚಿಕಿತ್ಸೆ ನೀಡಲಾಗುತ್ತಿದೆ. ನಾಗರಹೊಳೆ ಅರಣ್ಯದಿಂದ ಹೊರಬರುವ ಕಾಡಾನೆಗಳು ರೈತರ ಬೆಳೆ ನಾಶಪಡಿಸುತ್ತಿದ್ದು, ಇದೀಗ ರೈತರ ಮೇಲೂ ದಾಳಿ ನಡೆಸುತ್ತಿರುವುದು ಆತಂಕ ಮೂಡಿಸಿದೆ. ಅರಣ್ಯ ಇಲಾಖೆ ಅಧಿಕಾರಿಗಳು ಸ್ಥಳಕ್ಕೆ ಭೇಟಿ ನೀಡಿ ಪರಿಶೀಲನೆ ನಡೆಸಿದರು.
ಇಂದು ಮಹಿಳಾ ದಿನಾಚರಣೆ
ಚಾಮರಾಜನಗರ, ಮಾ.7- ಜಿಲ್ಲಾ ಕಾನೂನು ಸೇವೆಗಳ ಪ್ರಾಧಿಕಾರ, ಜಿಲ್ಲಾ ವಕೀಲರ ಸಂಘ, ಜಿಲ್ಲಾ ನ್ಯಾಯಾಂಗ ಇಲಾಖೆ ಸಂಯುಕ್ತಾಶ್ರಯದಲ್ಲಿ ಮಾ.8ರಂದು ಮಧ್ಯಾಹ್ನ 3 ಗಂಟೆಗೆ ನಗರದ ಜಿಲ್ಲಾ ನ್ಯಾಯಾಲಯದ ಆವರಣದಲ್ಲಿ ಮಹಿಳಾ ದಿನಾಚರಣೆ ಕಾರ್ಯಕ್ರಮ ಆಯೋಜಿಸಲಾಗಿದೆ. ಪ್ರಧಾನ ಜಿಲ್ಲಾ ಮತ್ತು ಸತ್ರ ನ್ಯಾಯಾಧೀಶರು ಕಾರ್ಯಕ್ರಮ ಉದ್ಘಾಟಿಸಲಿದ್ದಾರೆ.
ನಿಧನ
ಆರ್.ಎಂ.ಮಾದಪ್ಪ
ಚಾಮರಾಜನಗರ, ಮಾ.7- ತಾಲೂಕಿನ ಗ್ರಾಮದ ನಿವಾಸಿ ಆರ್.ಎಂ.ಮಾದಪ್ಪ (73) ಅನಾರೋಗ್ಯದಿಂದ ನಿಧನರಾದರು. ಮೃತರು ಪತ್ನಿ, ಪುತ್ರರು, ಪುತ್ರಿ ಸೇರಿದಂತೆ ಅಪಾರ ಬಂಧು-ಬಳಗವನ್ನು ಅಗಲಿದ್ದಾರೆ. ಮೃತರ ಅಂತ್ಯಕ್ರಿಯೆ ಶುಕ್ರವಾರ ಬೆಳಿಗ್ಗೆ 10 ಗಂಟೆಗೆ ಗ್ರಾಮದ ಜಮೀನಿನಲ್ಲಿ ನೆರವೇರಲಿದೆ.
